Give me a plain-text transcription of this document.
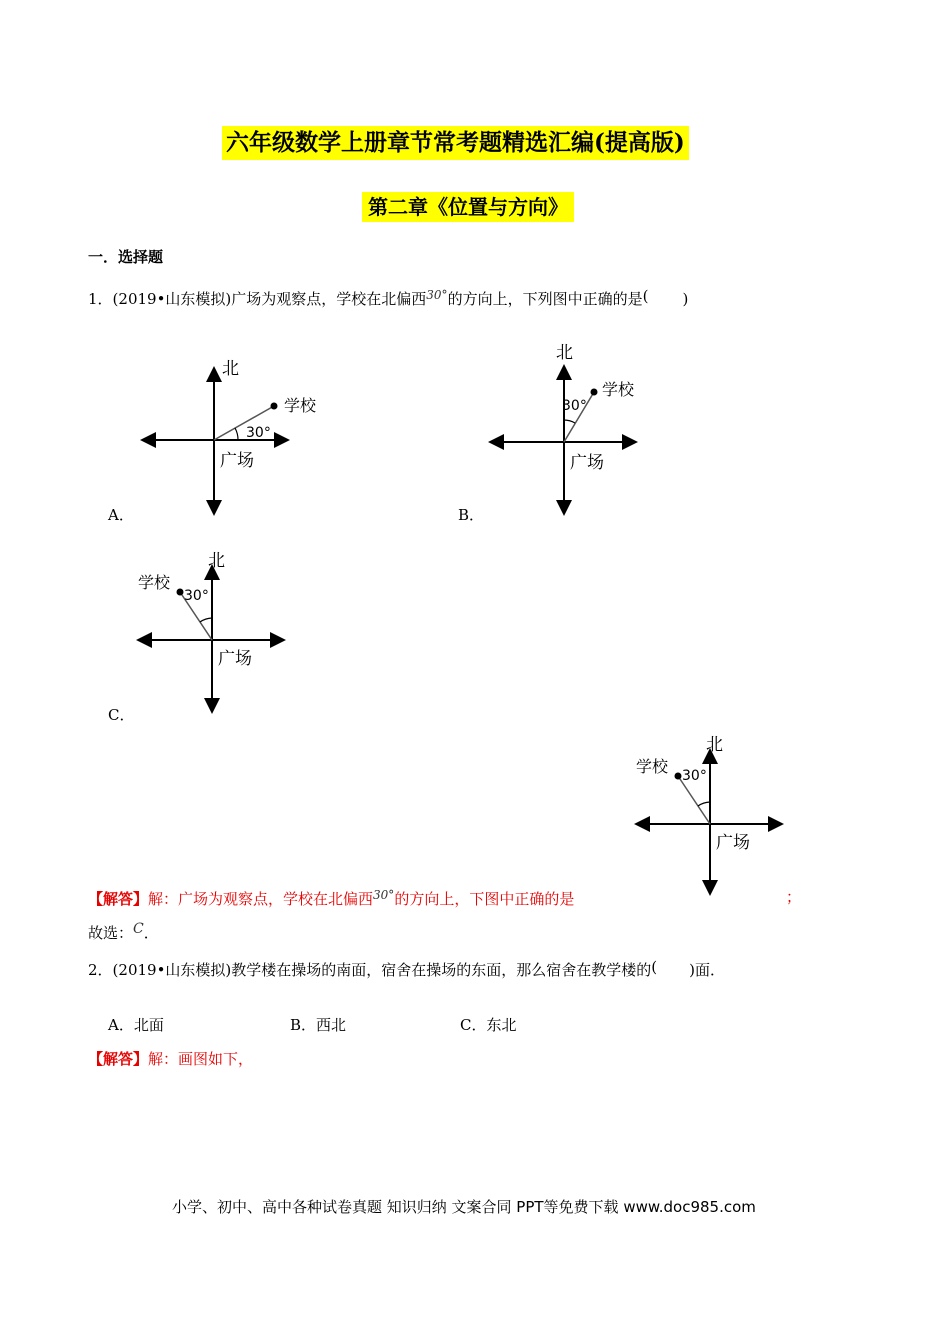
六年级数学上册章节常考题精选汇编(提高版)
第二章《位置与方向》
一．选择题
1．(2019•山东模拟)广场为观察点，学校在北偏西$^{30^\circ}$的方向上，下列图中正确的是( )
北
学校
30°
广场
A．
北
学校
30°
广场
B．
北
学校
30°
广场
C．
北
学校 30°
广场
【解答】解：广场为观察点，学校在北偏西$^{30^\circ}$的方向上，下图中正确的是	；
故选：C．
2．(2019•山东模拟)教学楼在操场的南面，宿舍在操场的东面，那么宿舍在教学楼的( )面．
A．北面	B．西北	C．东北
【解答】解：画图如下，
小学、初中、高中各种试卷真题 知识归纳 文案合同 PPT等免费下载 www.doc985.com
